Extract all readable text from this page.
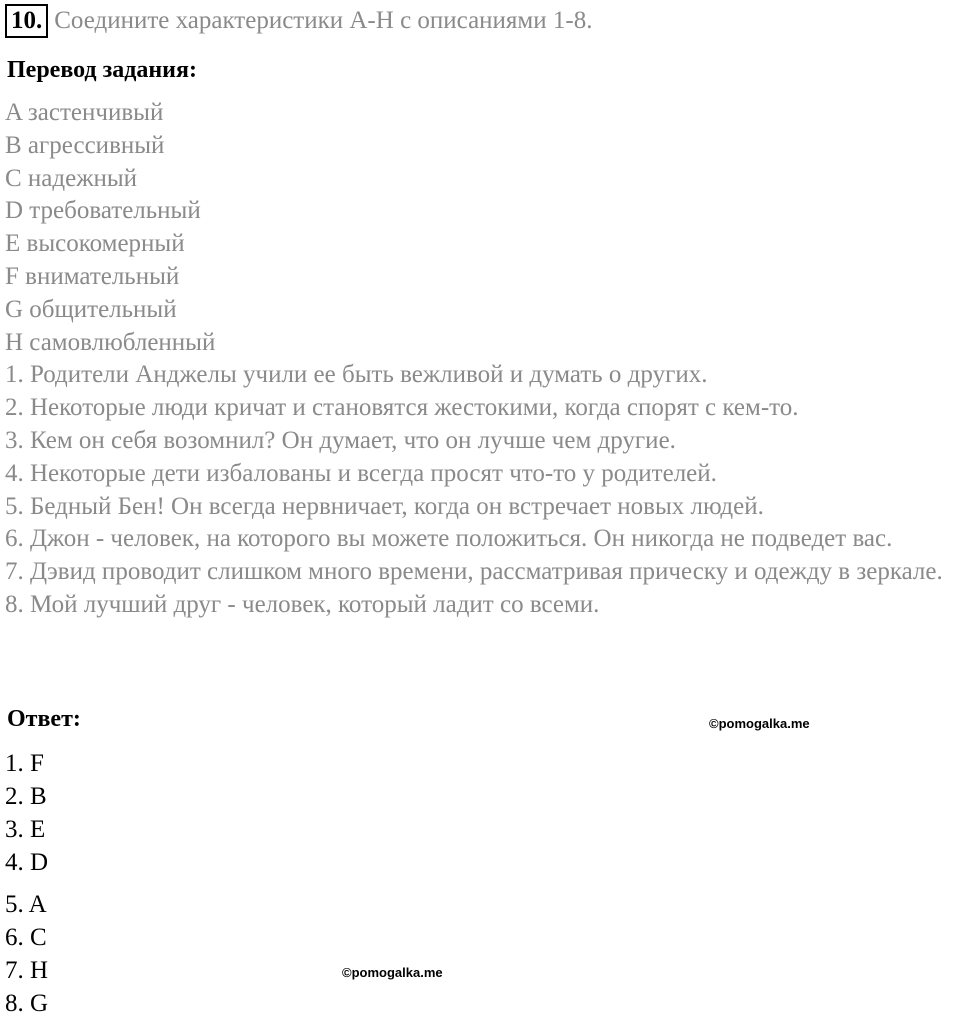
10. Соедините характеристики A-H с описаниями 1-8.
Перевод задания:
A застенчивый
B агрессивный
C надежный
D требовательный
E высокомерный
F внимательный
G общительный
H самовлюбленный
1. Родители Анджелы учили ее быть вежливой и думать о других.
2. Некоторые люди кричат и становятся жестокими, когда спорят с кем-то.
3. Кем он себя возомнил? Он думает, что он лучше чем другие.
4. Некоторые дети избалованы и всегда просят что-то у родителей.
5. Бедный Бен! Он всегда нервничает, когда он встречает новых людей.
6. Джон - человек, на которого вы можете положиться. Он никогда не подведет вас.
7. Дэвид проводит слишком много времени, рассматривая прическу и одежду в зеркале.
8. Мой лучший друг - человек, который ладит со всеми.
Ответ:	©pomogalka.me
1. F
2. B
3. E
4. D
5. A
6. C
7. H
8. G
©pomogalka.me
